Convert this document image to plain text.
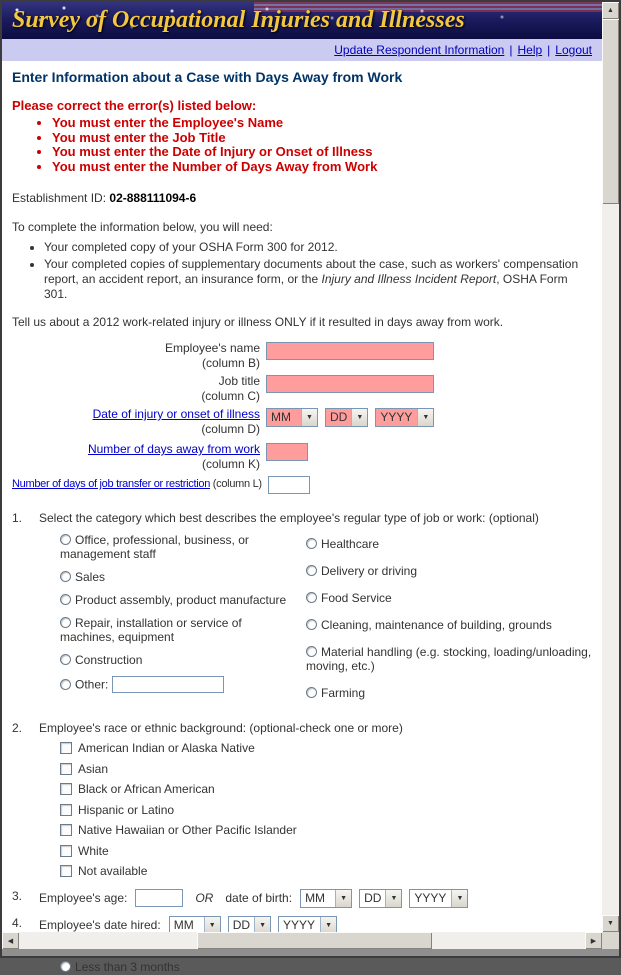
Survey of Occupational Injuries and Illnesses
Update Respondent Information | Help | Logout
Enter Information about a Case with Days Away from Work
Please correct the error(s) listed below:
• You must enter the Employee's Name
• You must enter the Job Title
• You must enter the Date of Injury or Onset of Illness
• You must enter the Number of Days Away from Work
Establishment ID: 02-888111094-6

To complete the information below, you will need:

• Your completed copy of your OSHA Form 300 for 2012.
• Your completed copies of supplementary documents about the case, such as workers' compensation report, an accident report, an insurance form, or the Injury and Illness Incident Report, OSHA Form 301.

Tell us about a 2012 work-related injury or illness ONLY if it resulted in days away from work.

Employee's name
(column B)
Job title
(column C)
Date of injury or onset of illness
(column D)
MM	▼	DD	▼	YYYY	▼
Number of days away from work
(column K)
Number of days of job transfer or restriction (column L)
1.	Select the category which best describes the employee's regular type of job or work: (optional)
Office, professional, business, or management staff
Sales
Product assembly, product manufacture
Repair, installation or service of machines, equipment
Construction
Other:
Healthcare
Delivery or driving
Food Service
Cleaning, maintenance of building, grounds
Material handling (e.g. stocking, loading/unloading, moving, etc.)
Farming
2.	Employee's race or ethnic background: (optional-check one or more)
American Indian or Alaska Native
Asian
Black or African American
Hispanic or Latino
Native Hawaiian or Other Pacific Islander
White
Not available
3.	Employee's age:	OR date of birth:	MM	▼	DD	▼	YYYY	▼
4.	Employee's date hired:	MM	▼	DD	▼	YYYY	▼
Less than 3 months
▲
▼
◀	▶
